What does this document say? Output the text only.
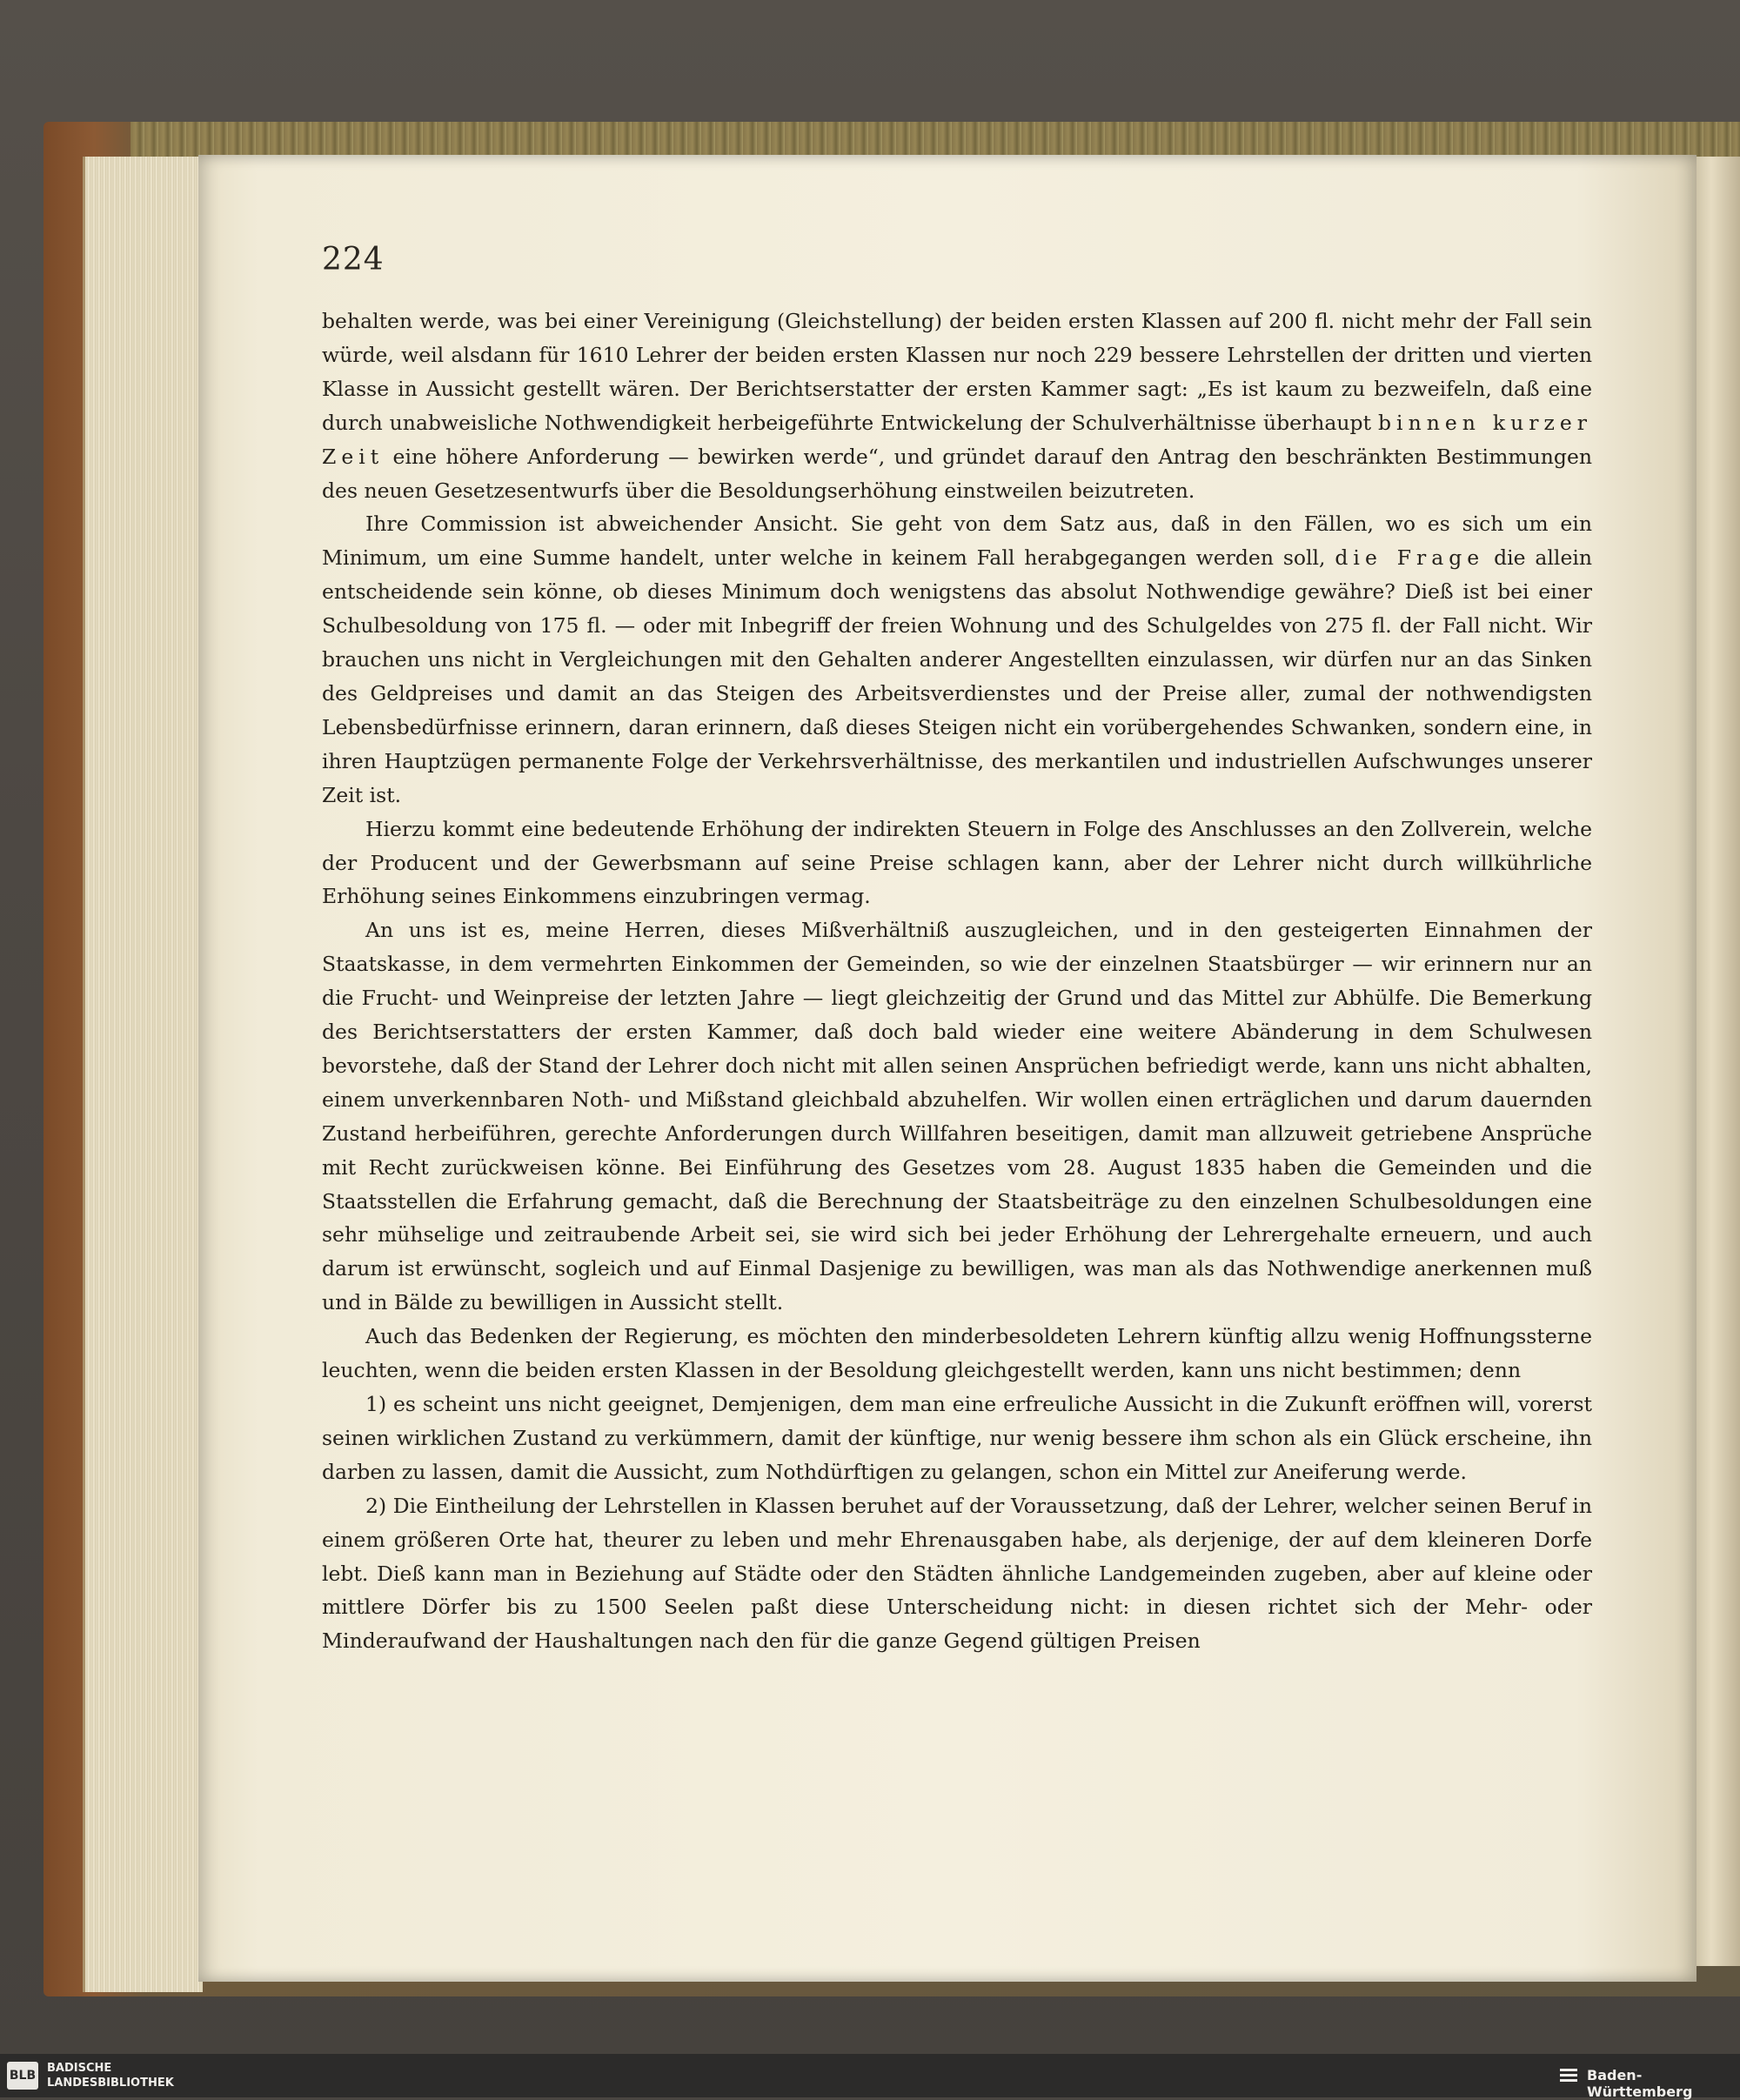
224

behalten werde, was bei einer Vereinigung (Gleichstellung) der beiden ersten Klassen auf 200 fl. nicht mehr der Fall sein würde, weil alsdann für 1610 Lehrer der beiden ersten Klassen nur noch 229 bessere Lehrstellen der dritten und vierten Klasse in Aussicht gestellt wären. Der Berichtserstatter der ersten Kammer sagt: „Es ist kaum zu bezweifeln, daß eine durch unabweisliche Nothwendigkeit herbeigeführte Entwickelung der Schulverhältnisse überhaupt binnen kurzer Zeit eine höhere Anforderung — bewirken werde“, und gründet darauf den Antrag den beschränkten Bestimmungen des neuen Gesetzesentwurfs über die Besoldungserhöhung einstweilen beizutreten.

Ihre Commission ist abweichender Ansicht. Sie geht von dem Satz aus, daß in den Fällen, wo es sich um ein Minimum, um eine Summe handelt, unter welche in keinem Fall herabgegangen werden soll, die Frage die allein entscheidende sein könne, ob dieses Minimum doch wenigstens das absolut Nothwendige gewähre? Dieß ist bei einer Schulbesoldung von 175 fl. — oder mit Inbegriff der freien Wohnung und des Schulgeldes von 275 fl. der Fall nicht. Wir brauchen uns nicht in Vergleichungen mit den Gehalten anderer Angestellten einzulassen, wir dürfen nur an das Sinken des Geldpreises und damit an das Steigen des Arbeitsverdienstes und der Preise aller, zumal der nothwendigsten Lebensbedürfnisse erinnern, daran erinnern, daß dieses Steigen nicht ein vorübergehendes Schwanken, sondern eine, in ihren Hauptzügen permanente Folge der Verkehrsverhältnisse, des merkantilen und industriellen Aufschwunges unserer Zeit ist.

Hierzu kommt eine bedeutende Erhöhung der indirekten Steuern in Folge des Anschlusses an den Zollverein, welche der Producent und der Gewerbsmann auf seine Preise schlagen kann, aber der Lehrer nicht durch willkührliche Erhöhung seines Einkommens einzubringen vermag.

An uns ist es, meine Herren, dieses Mißverhältniß auszugleichen, und in den gesteigerten Einnahmen der Staatskasse, in dem vermehrten Einkommen der Gemeinden, so wie der einzelnen Staatsbürger — wir erinnern nur an die Frucht- und Weinpreise der letzten Jahre — liegt gleichzeitig der Grund und das Mittel zur Abhülfe. Die Bemerkung des Berichtserstatters der ersten Kammer, daß doch bald wieder eine weitere Abänderung in dem Schulwesen bevorstehe, daß der Stand der Lehrer doch nicht mit allen seinen Ansprüchen befriedigt werde, kann uns nicht abhalten, einem unverkennbaren Noth- und Mißstand gleichbald abzuhelfen. Wir wollen einen erträglichen und darum dauernden Zustand herbeiführen, gerechte Anforderungen durch Willfahren beseitigen, damit man allzuweit getriebene Ansprüche mit Recht zurückweisen könne. Bei Einführung des Gesetzes vom 28. August 1835 haben die Gemeinden und die Staatsstellen die Erfahrung gemacht, daß die Berechnung der Staatsbeiträge zu den einzelnen Schulbesoldungen eine sehr mühselige und zeitraubende Arbeit sei, sie wird sich bei jeder Erhöhung der Lehrergehalte erneuern, und auch darum ist erwünscht, sogleich und auf Einmal Dasjenige zu bewilligen, was man als das Nothwendige anerkennen muß und in Bälde zu bewilligen in Aussicht stellt.

Auch das Bedenken der Regierung, es möchten den minderbesoldeten Lehrern künftig allzu wenig Hoffnungssterne leuchten, wenn die beiden ersten Klassen in der Besoldung gleichgestellt werden, kann uns nicht bestimmen; denn

1) es scheint uns nicht geeignet, Demjenigen, dem man eine erfreuliche Aussicht in die Zukunft eröffnen will, vorerst seinen wirklichen Zustand zu verkümmern, damit der künftige, nur wenig bessere ihm schon als ein Glück erscheine, ihn darben zu lassen, damit die Aussicht, zum Nothdürftigen zu gelangen, schon ein Mittel zur Aneiferung werde.

2) Die Eintheilung der Lehrstellen in Klassen beruhet auf der Voraussetzung, daß der Lehrer, welcher seinen Beruf in einem größeren Orte hat, theurer zu leben und mehr Ehrenausgaben habe, als derjenige, der auf dem kleineren Dorfe lebt. Dieß kann man in Beziehung auf Städte oder den Städten ähnliche Landgemeinden zugeben, aber auf kleine oder mittlere Dörfer bis zu 1500 Seelen paßt diese Unterscheidung nicht: in diesen richtet sich der Mehr- oder Minderaufwand der Haushaltungen nach den für die ganze Gegend gültigen Preisen

BLB
BADISCHE
LANDESBIBLIOTHEK	Baden-Württemberg
